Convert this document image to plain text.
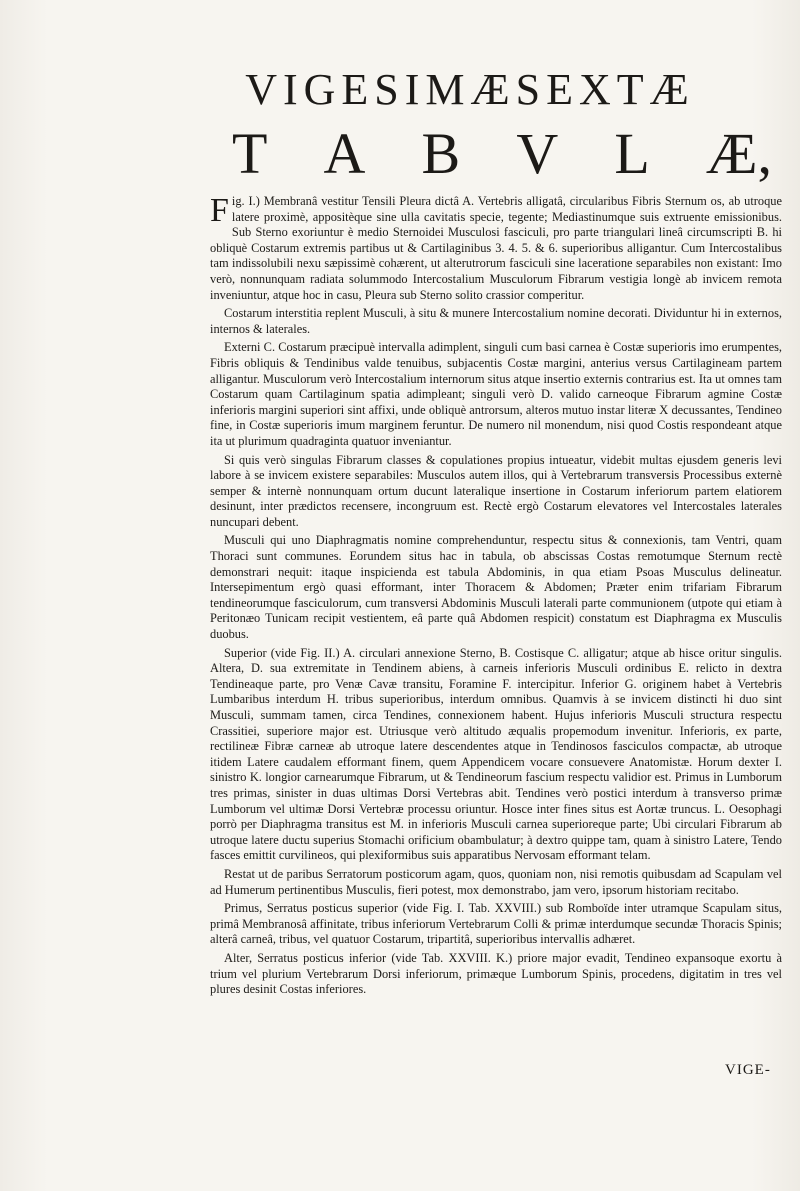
VIGESIMÆSEXTÆ
T A B V L Æ,

Fig. I.) Membranâ vestitur Tensili Pleura dictâ A. Vertebris alligatâ, circularibus Fibris Sternum os, ab utroque latere proximè, appositèque sine ulla cavitatis specie, tegente; Mediastinumque suis extruente emissionibus. Sub Sterno exoriuntur è medio Sternoidei Musculosi fasciculi, pro parte triangulari lineâ circumscripti B. hi obliquè Costarum extremis partibus ut & Cartilaginibus 3. 4. 5. & 6. superioribus alligantur. Cum Intercostalibus tam indissolubili nexu sæpissimè cohærent, ut alterutrorum fasciculi sine laceratione separabiles non existant: Imo verò, nonnunquam radiata solummodo Intercostalium Musculorum Fibrarum vestigia longè ab invicem remota inveniuntur, atque hoc in casu, Pleura sub Sterno solito crassior comperitur.

Costarum interstitia replent Musculi, à situ & munere Intercostalium nomine decorati. Dividuntur hi in externos, internos & laterales.

Externi C. Costarum præcipuè intervalla adimplent, singuli cum basi carnea è Costæ superioris imo erumpentes, Fibris obliquis & Tendinibus valde tenuibus, subjacentis Costæ margini, anterius versus Cartilagineam partem alligantur. Musculorum verò Intercostalium internorum situs atque insertio externis contrarius est. Ita ut omnes tam Costarum quam Cartilaginum spatia adimpleant; singuli verò D. valido carneoque Fibrarum agmine Costæ inferioris margini superiori sint affixi, unde obliquè antrorsum, alteros mutuo instar literæ X decussantes, Tendineo fine, in Costæ superioris imum marginem feruntur. De numero nil monendum, nisi quod Costis respondeant atque ita ut plurimum quadraginta quatuor inveniantur.

Si quis verò singulas Fibrarum classes & copulationes propius intueatur, videbit multas ejusdem generis levi labore à se invicem existere separabiles: Musculos autem illos, qui à Vertebrarum transversis Processibus externè semper & internè nonnunquam ortum ducunt lateralique insertione in Costarum inferiorum partem elatiorem desinunt, inter prædictos recensere, incongruum est. Rectè ergò Costarum elevatores vel Intercostales laterales nuncupari debent.

Musculi qui uno Diaphragmatis nomine comprehenduntur, respectu situs & connexionis, tam Ventri, quam Thoraci sunt communes. Eorundem situs hac in tabula, ob abscissas Costas remotumque Sternum rectè demonstrari nequit: itaque inspicienda est tabula Abdominis, in qua etiam Psoas Musculus delineatur. Intersepimentum ergò quasi efformant, inter Thoracem & Abdomen; Præter enim trifariam Fibrarum tendineorumque fasciculorum, cum transversi Abdominis Musculi laterali parte communionem (utpote qui etiam à Peritonæo Tunicam recipit vestientem, eâ parte quâ Abdomen respicit) constatum est Diaphragma ex Musculis duobus.

Superior (vide Fig. II.) A. circulari annexione Sterno, B. Costisque C. alligatur; atque ab hisce oritur singulis. Altera, D. sua extremitate in Tendinem abiens, à carneis inferioris Musculi ordinibus E. relicto in dextra Tendineaque parte, pro Venæ Cavæ transitu, Foramine F. intercipitur. Inferior G. originem habet à Vertebris Lumbaribus interdum H. tribus superioribus, interdum omnibus. Quamvis à se invicem distincti hi duo sint Musculi, summam tamen, circa Tendines, connexionem habent. Hujus inferioris Musculi structura respectu Crassitiei, superiore major est. Utriusque verò altitudo æqualis propemodum invenitur. Inferioris, ex parte, rectilineæ Fibræ carneæ ab utroque latere descendentes atque in Tendinosos fasciculos compactæ, ab utroque itidem Latere caudalem efformant finem, quem Appendicem vocare consuevere Anatomistæ. Horum dexter I. sinistro K. longior carnearumque Fibrarum, ut & Tendineorum fascium respectu validior est. Primus in Lumborum tres primas, sinister in duas ultimas Dorsi Vertebras abit. Tendines verò postici interdum à transverso primæ Lumborum vel ultimæ Dorsi Vertebræ processu oriuntur. Hosce inter fines situs est Aortæ truncus. L. Oesophagi porrò per Diaphragma transitus est M. in inferioris Musculi carnea superioreque parte; Ubi circulari Fibrarum ab utroque latere ductu superius Stomachi orificium obambulatur; à dextro quippe tam, quam à sinistro Latere, Tendo fasces emittit curvilineos, qui plexiformibus suis apparatibus Nervosam efformant telam.

Restat ut de paribus Serratorum posticorum agam, quos, quoniam non, nisi remotis quibusdam ad Scapulam vel ad Humerum pertinentibus Musculis, fieri potest, mox demonstrabo, jam vero, ipsorum historiam recitabo.

Primus, Serratus posticus superior (vide Fig. I. Tab. XXVIII.) sub Romboïde inter utramque Scapulam situs, primâ Membranosâ affinitate, tribus inferiorum Vertebrarum Colli & primæ interdumque secundæ Thoracis Spinis; alterâ carneâ, tribus, vel quatuor Costarum, tripartitâ, superioribus intervallis adhæret.

Alter, Serratus posticus inferior (vide Tab. XXVIII. K.) priore major evadit, Tendineo expansoque exortu à trium vel plurium Vertebrarum Dorsi inferiorum, primæque Lumborum Spinis, procedens, digitatim in tres vel plures desinit Costas inferiores.

VIGE-
